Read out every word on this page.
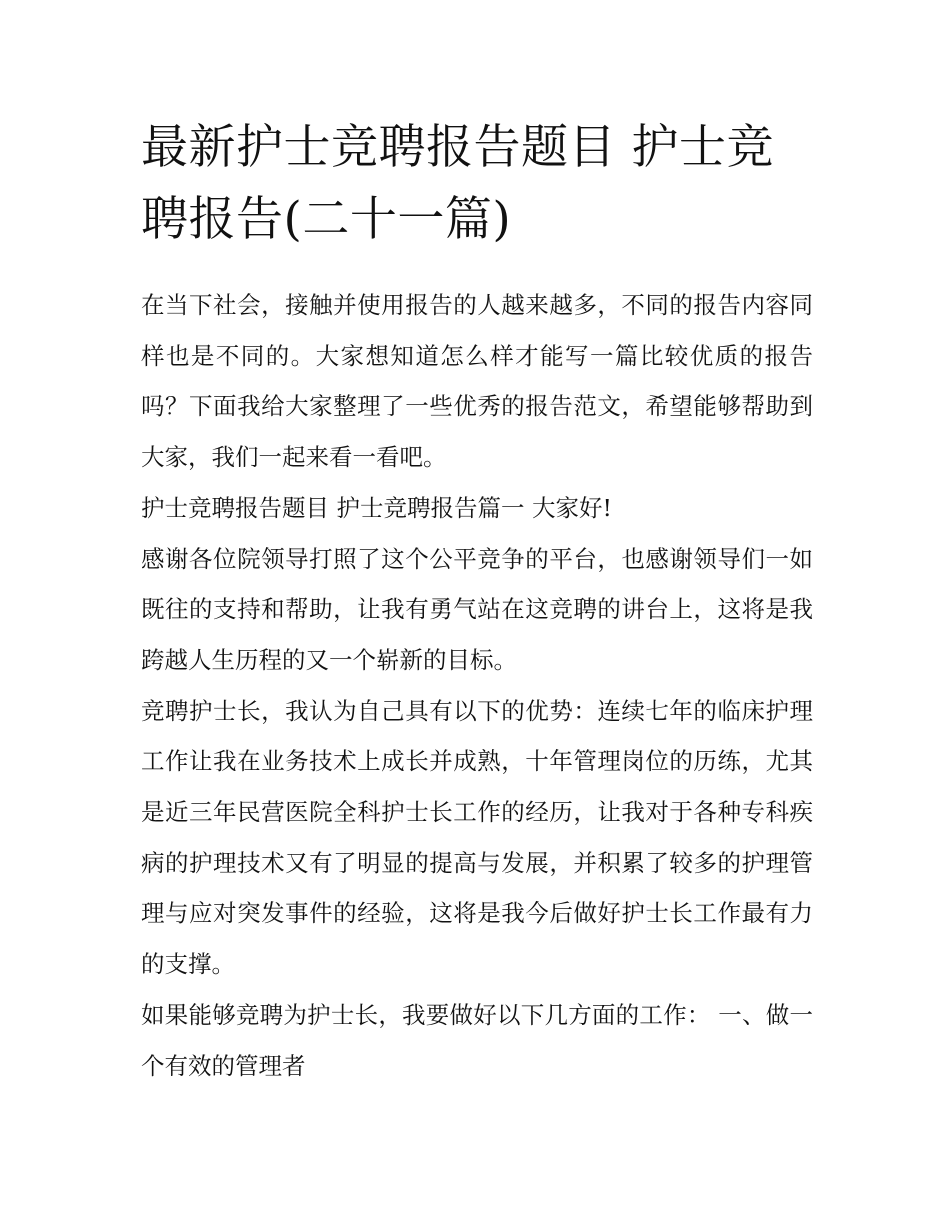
最新护士竞聘报告题目 护士竞聘报告(二十一篇)

在当下社会，接触并使用报告的人越来越多，不同的报告内容同样也是不同的。大家想知道怎么样才能写一篇比较优质的报告吗？下面我给大家整理了一些优秀的报告范文，希望能够帮助到大家，我们一起来看一看吧。

护士竞聘报告题目 护士竞聘报告篇一 大家好!

感谢各位院领导打照了这个公平竞争的平台，也感谢领导们一如既往的支持和帮助，让我有勇气站在这竞聘的讲台上，这将是我跨越人生历程的又一个崭新的目标。

竞聘护士长，我认为自己具有以下的优势：连续七年的临床护理工作让我在业务技术上成长并成熟，十年管理岗位的历练，尤其是近三年民营医院全科护士长工作的经历，让我对于各种专科疾病的护理技术又有了明显的提高与发展，并积累了较多的护理管理与应对突发事件的经验，这将是我今后做好护士长工作最有力的支撑。

如果能够竞聘为护士长，我要做好以下几方面的工作： 一、做一个有效的管理者
